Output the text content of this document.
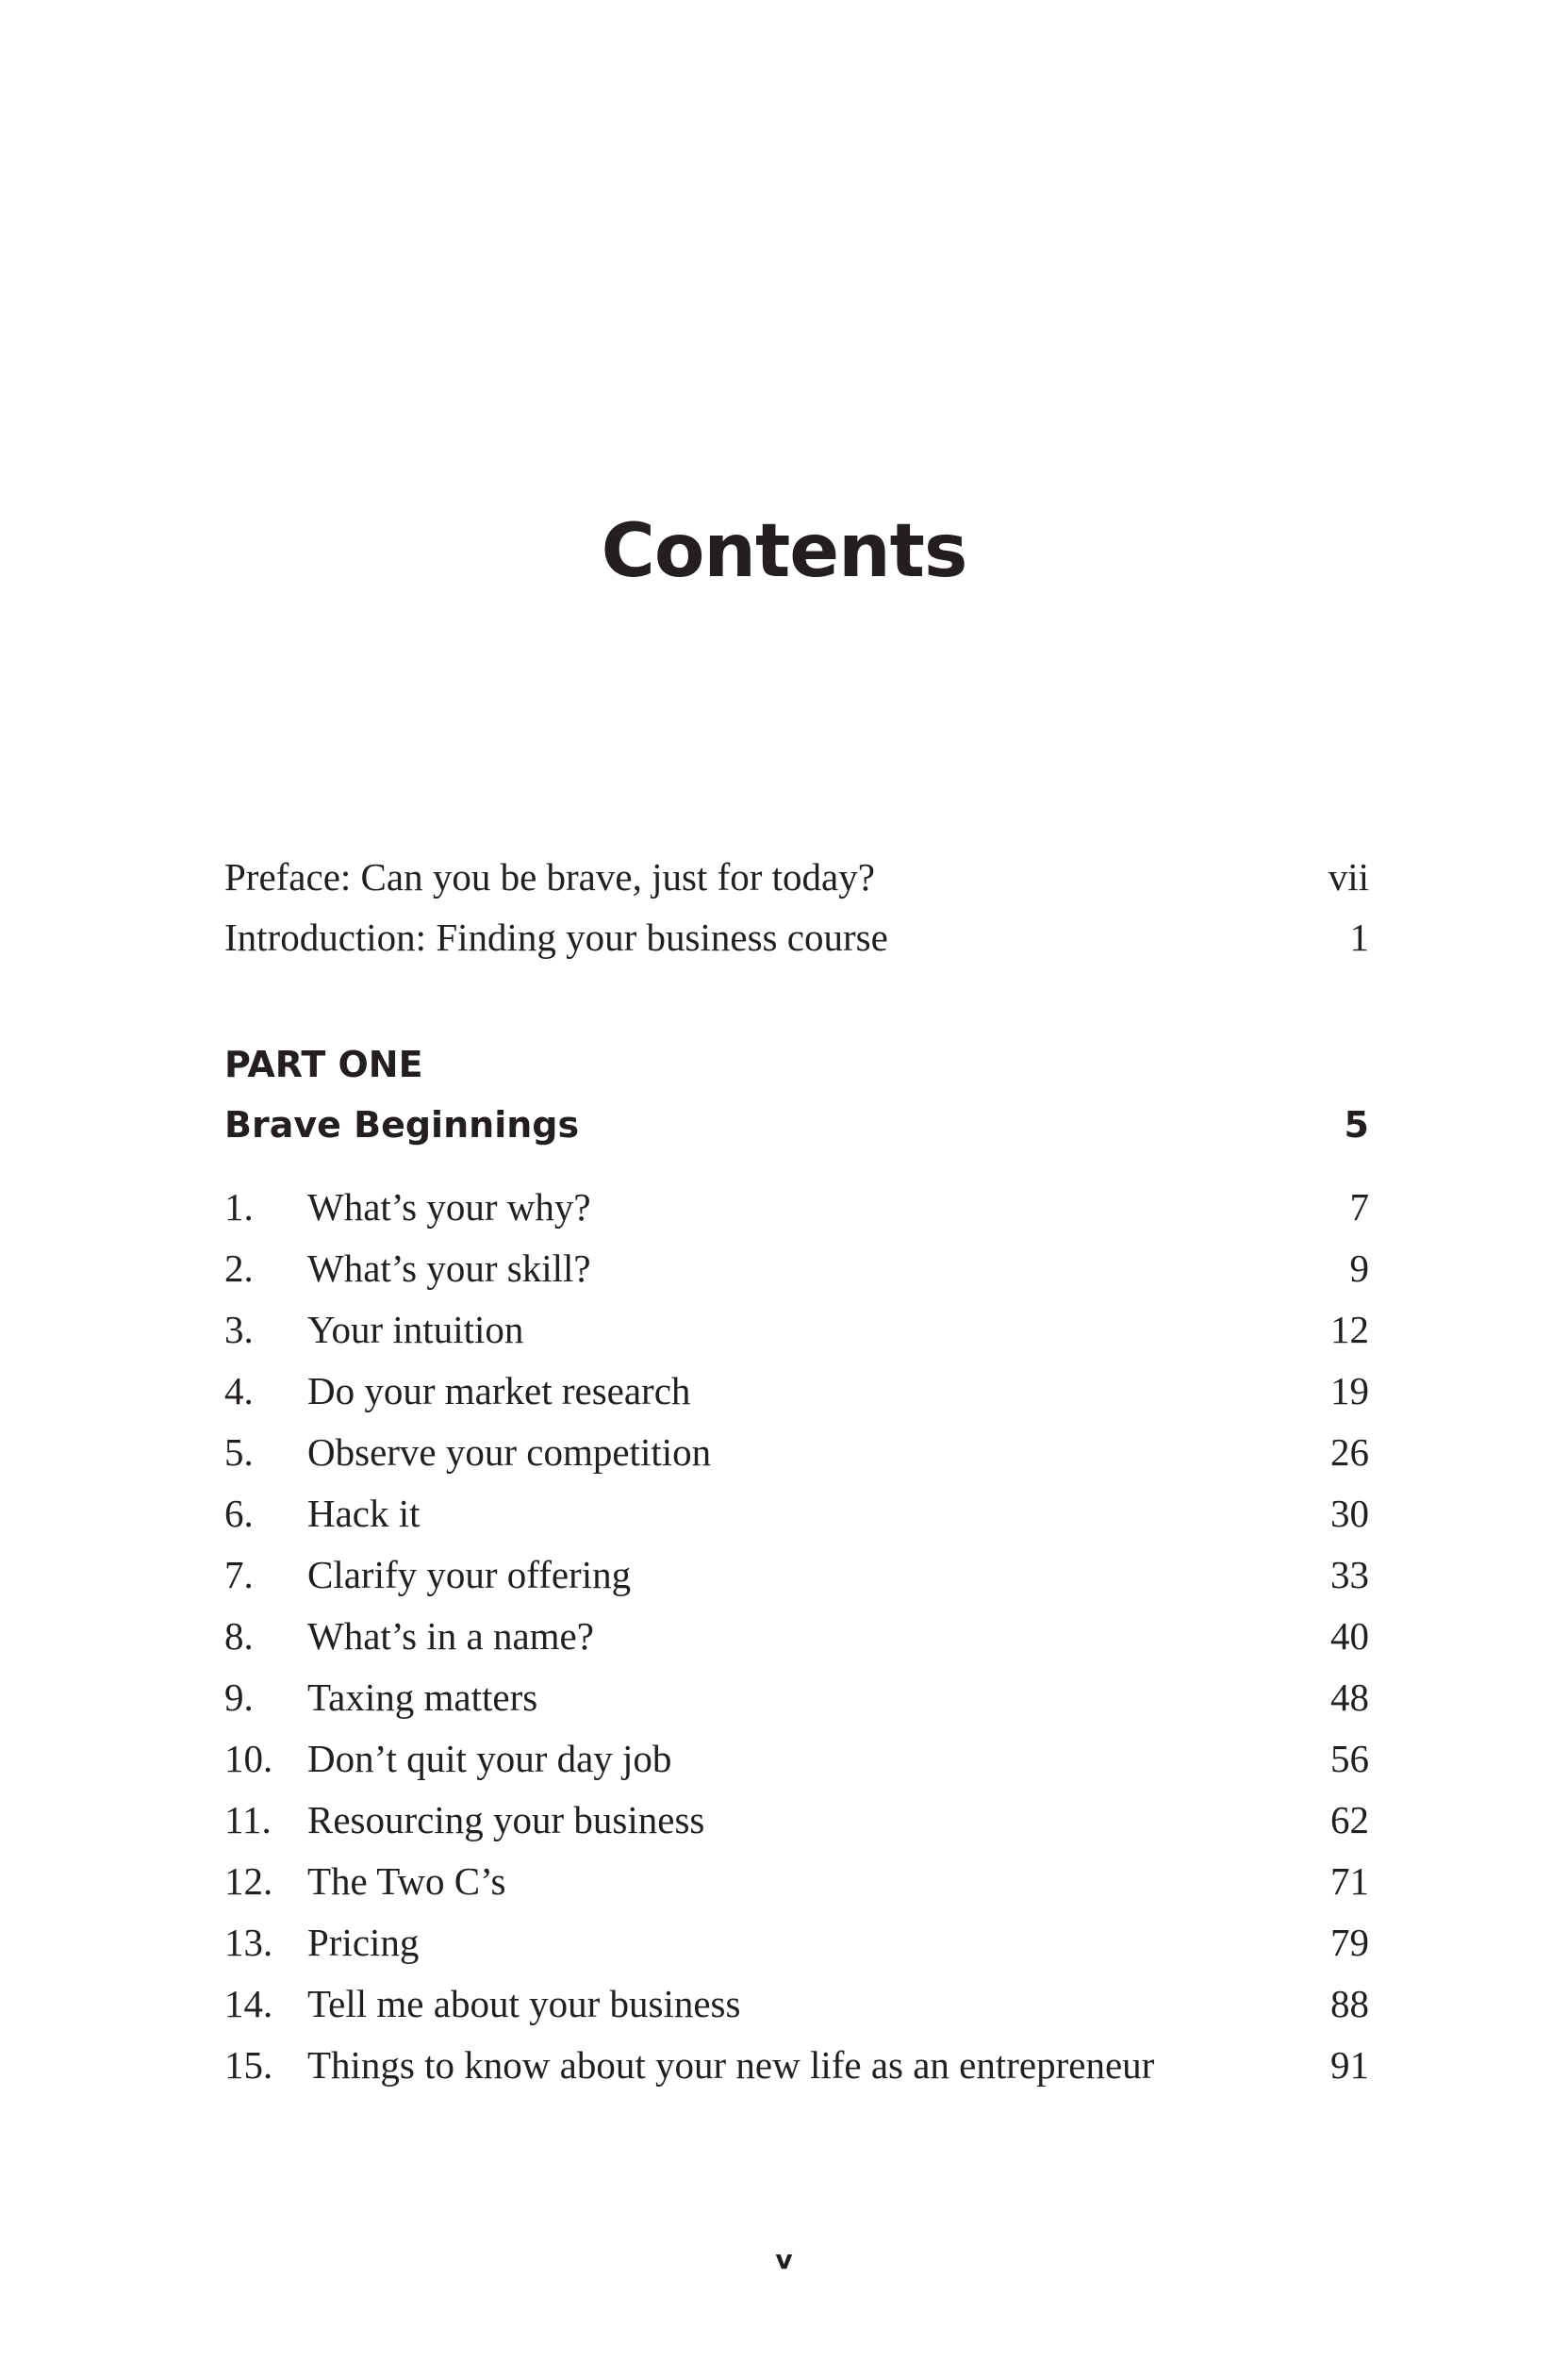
Contents
Preface: Can you be brave, just for today?	vii
Introduction: Finding your business course	1
PART ONE
Brave Beginnings	5
1. What’s your why?	7
2. What’s your skill?	9
3. Your intuition	12
4. Do your market research	19
5. Observe your competition	26
6. Hack it	30
7. Clarify your offering	33
8. What’s in a name?	40
9. Taxing matters	48
10. Don’t quit your day job	56
11. Resourcing your business	62
12. The Two C’s	71
13. Pricing	79
14. Tell me about your business	88
15. Things to know about your new life as an entrepreneur	91
v
